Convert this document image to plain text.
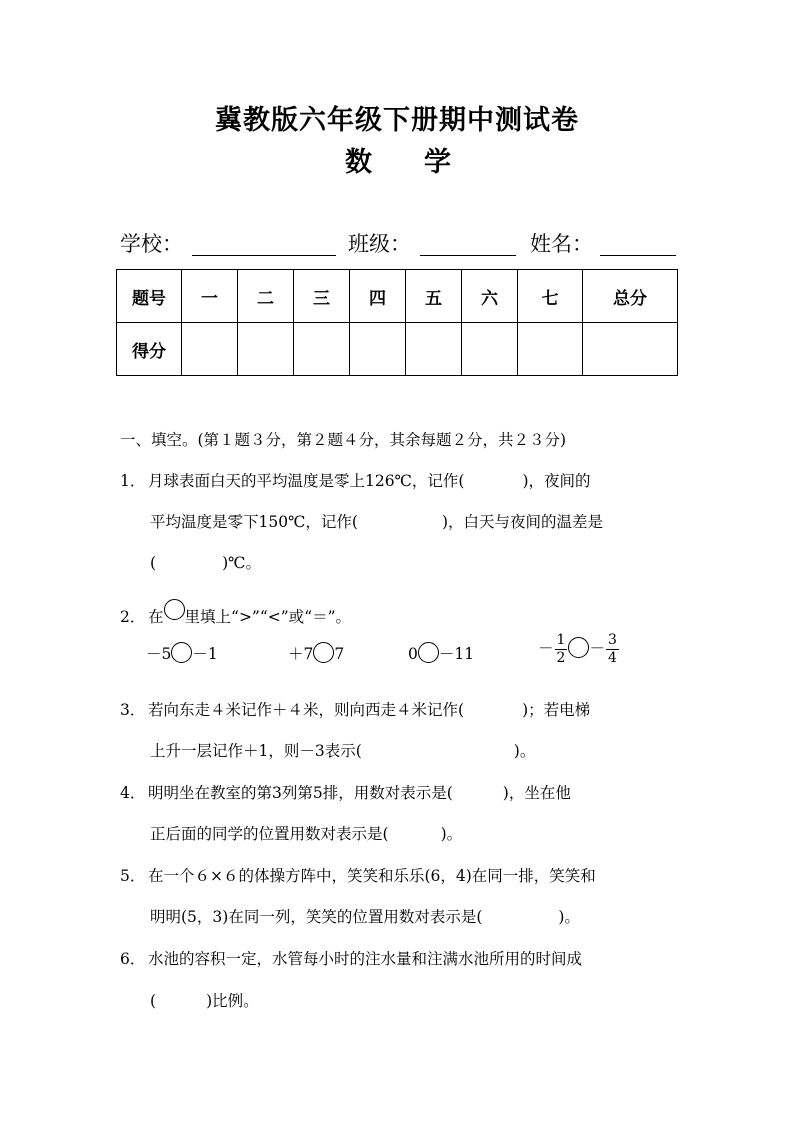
冀教版六年级下册期中测试卷
数 学
学校：	班级：	姓名：
题号	一	二	三	四	五	六	七	总分
得分								
一、填空。(第１题３分，第２题４分，其余每题２分，共２３分)
1． 月球表面白天的平均温度是零上126℃，记作(	)，夜间的
平均温度是零下150℃，记作(	)，白天与夜间的温差是
(	)℃。
2． 在 里填上“>”“<”或“＝”。
－5 －1	＋7 7	0 －11	－ $\frac{1}{2} - \frac{3}{4}$
3． 若向东走４米记作＋４米，则向西走４米记作(	)；若电梯
上升一层记作＋1，则－3表示(	)。
4． 明明坐在教室的第3列第5排，用数对表示是(	)，坐在他
正后面的同学的位置用数对表示是(	)。
5． 在一个６×６的体操方阵中，笑笑和乐乐(6，4)在同一排，笑笑和
明明(5，3)在同一列，笑笑的位置用数对表示是(	)。
6． 水池的容积一定，水管每小时的注水量和注满水池所用的时间成
(	)比例。
